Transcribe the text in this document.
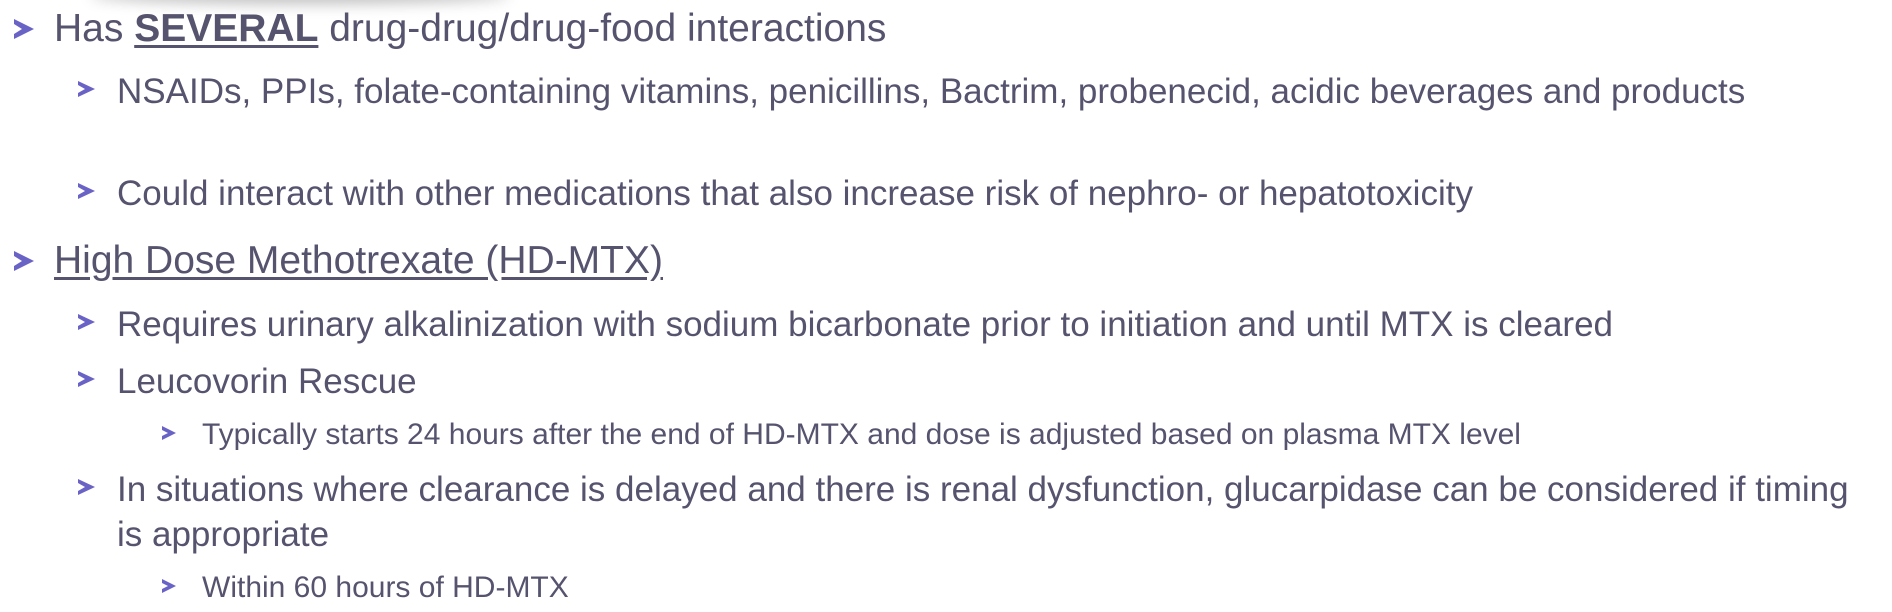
Has SEVERAL drug-drug/drug-food interactions
NSAIDs, PPIs, folate-containing vitamins, penicillins, Bactrim, probenecid, acidic beverages and products
Could interact with other medications that also increase risk of nephro- or hepatotoxicity
High Dose Methotrexate (HD-MTX)
Requires urinary alkalinization with sodium bicarbonate prior to initiation and until MTX is cleared
Leucovorin Rescue
Typically starts 24 hours after the end of HD-MTX and dose is adjusted based on plasma MTX level
In situations where clearance is delayed and there is renal dysfunction, glucarpidase can be considered if timing is appropriate
Within 60 hours of HD-MTX
